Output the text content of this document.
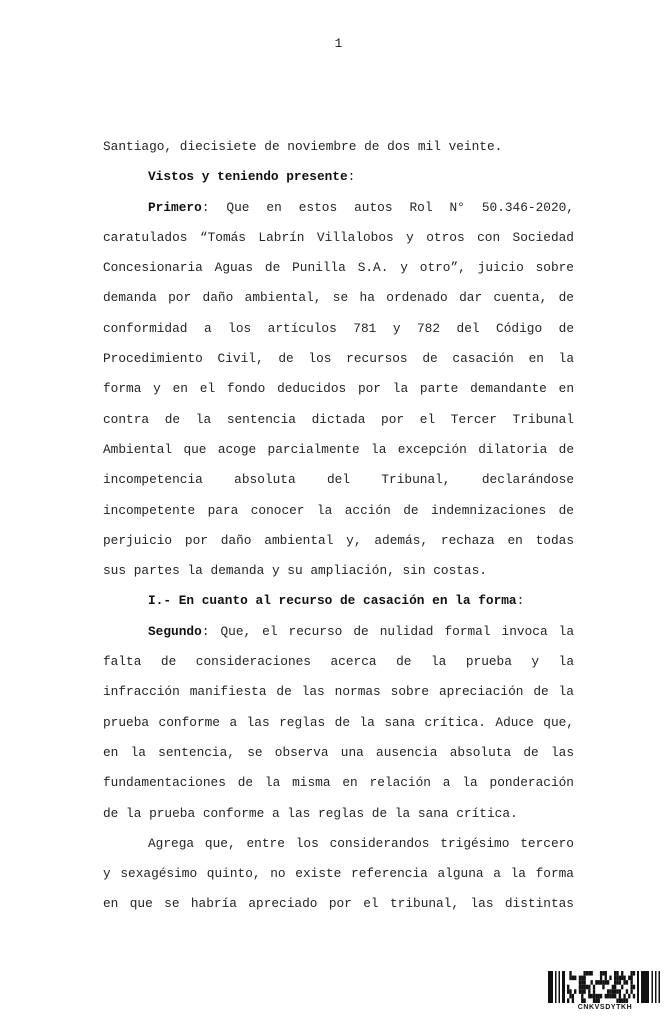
1
Santiago, diecisiete de noviembre de dos mil veinte.
Vistos y teniendo presente:
Primero: Que en estos autos Rol N° 50.346-2020,
caratulados “Tomás Labrín Villalobos y otros con Sociedad
Concesionaria Aguas de Punilla S.A. y otro”, juicio sobre
demanda por daño ambiental, se ha ordenado dar cuenta, de
conformidad a los artículos 781 y 782 del Código de
Procedimiento Civil, de los recursos de casación en la
forma y en el fondo deducidos por la parte demandante en
contra de la sentencia dictada por el Tercer Tribunal
Ambiental que acoge parcialmente la excepción dilatoria de
incompetencia absoluta del Tribunal, declarándose
incompetente para conocer la acción de indemnizaciones de
perjuicio por daño ambiental y, además, rechaza en todas
sus partes la demanda y su ampliación, sin costas.
I.- En cuanto al recurso de casación en la forma:
Segundo: Que, el recurso de nulidad formal invoca la
falta de consideraciones acerca de la prueba y la
infracción manifiesta de las normas sobre apreciación de la
prueba conforme a las reglas de la sana crítica. Aduce que,
en la sentencia, se observa una ausencia absoluta de las
fundamentaciones de la misma en relación a la ponderación
de la prueba conforme a las reglas de la sana crítica.
Agrega que, entre los considerandos trigésimo tercero
y sexagésimo quinto, no existe referencia alguna a la forma
en que se habría apreciado por el tribunal, las distintas
CNKVSDYTKH
